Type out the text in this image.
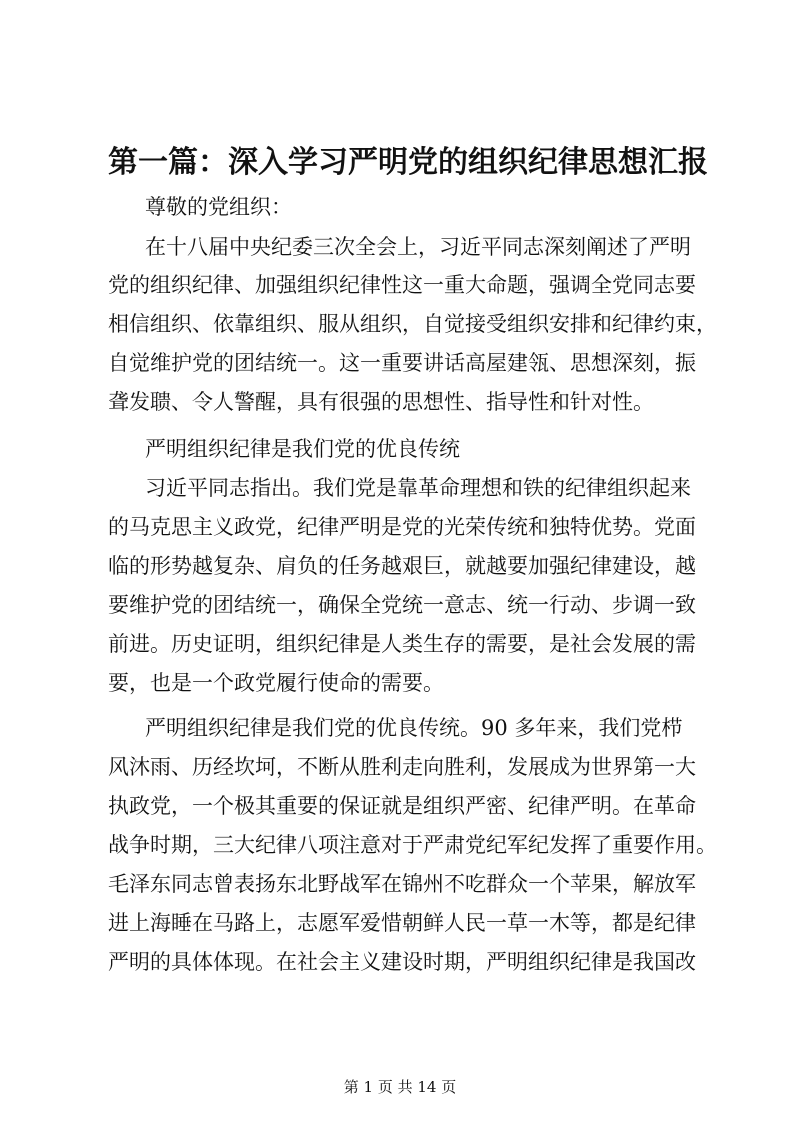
第一篇：深入学习严明党的组织纪律思想汇报

尊敬的党组织：

在十八届中央纪委三次全会上，习近平同志深刻阐述了严明

党的组织纪律、加强组织纪律性这一重大命题，强调全党同志要

相信组织、依靠组织、服从组织，自觉接受组织安排和纪律约束，

自觉维护党的团结统一。这一重要讲话高屋建瓴、思想深刻，振

聋发聩、令人警醒，具有很强的思想性、指导性和针对性。

严明组织纪律是我们党的优良传统

习近平同志指出。我们党是靠革命理想和铁的纪律组织起来

的马克思主义政党，纪律严明是党的光荣传统和独特优势。党面

临的形势越复杂、肩负的任务越艰巨，就越要加强纪律建设，越

要维护党的团结统一，确保全党统一意志、统一行动、步调一致

前进。历史证明，组织纪律是人类生存的需要，是社会发展的需

要，也是一个政党履行使命的需要。

严明组织纪律是我们党的优良传统。90 多年来，我们党栉

风沐雨、历经坎坷，不断从胜利走向胜利，发展成为世界第一大

执政党，一个极其重要的保证就是组织严密、纪律严明。在革命

战争时期，三大纪律八项注意对于严肃党纪军纪发挥了重要作用。

毛泽东同志曾表扬东北野战军在锦州不吃群众一个苹果，解放军

进上海睡在马路上，志愿军爱惜朝鲜人民一草一木等，都是纪律

严明的具体体现。在社会主义建设时期，严明组织纪律是我国改

第 1 页 共 14 页
